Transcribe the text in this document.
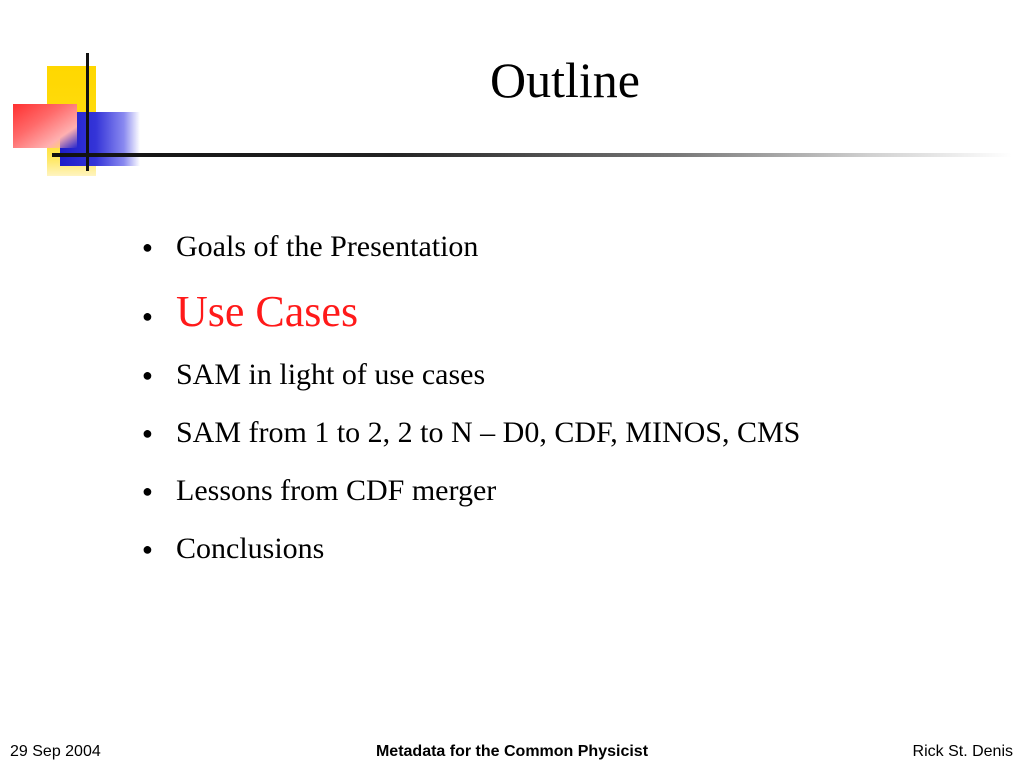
Outline
● Goals of the Presentation
● Use Cases
● SAM in light of use cases
● SAM from 1 to 2, 2 to N – D0, CDF, MINOS, CMS
● Lessons from CDF merger
● Conclusions
29 Sep 2004	Metadata for the Common Physicist	Rick St. Denis
